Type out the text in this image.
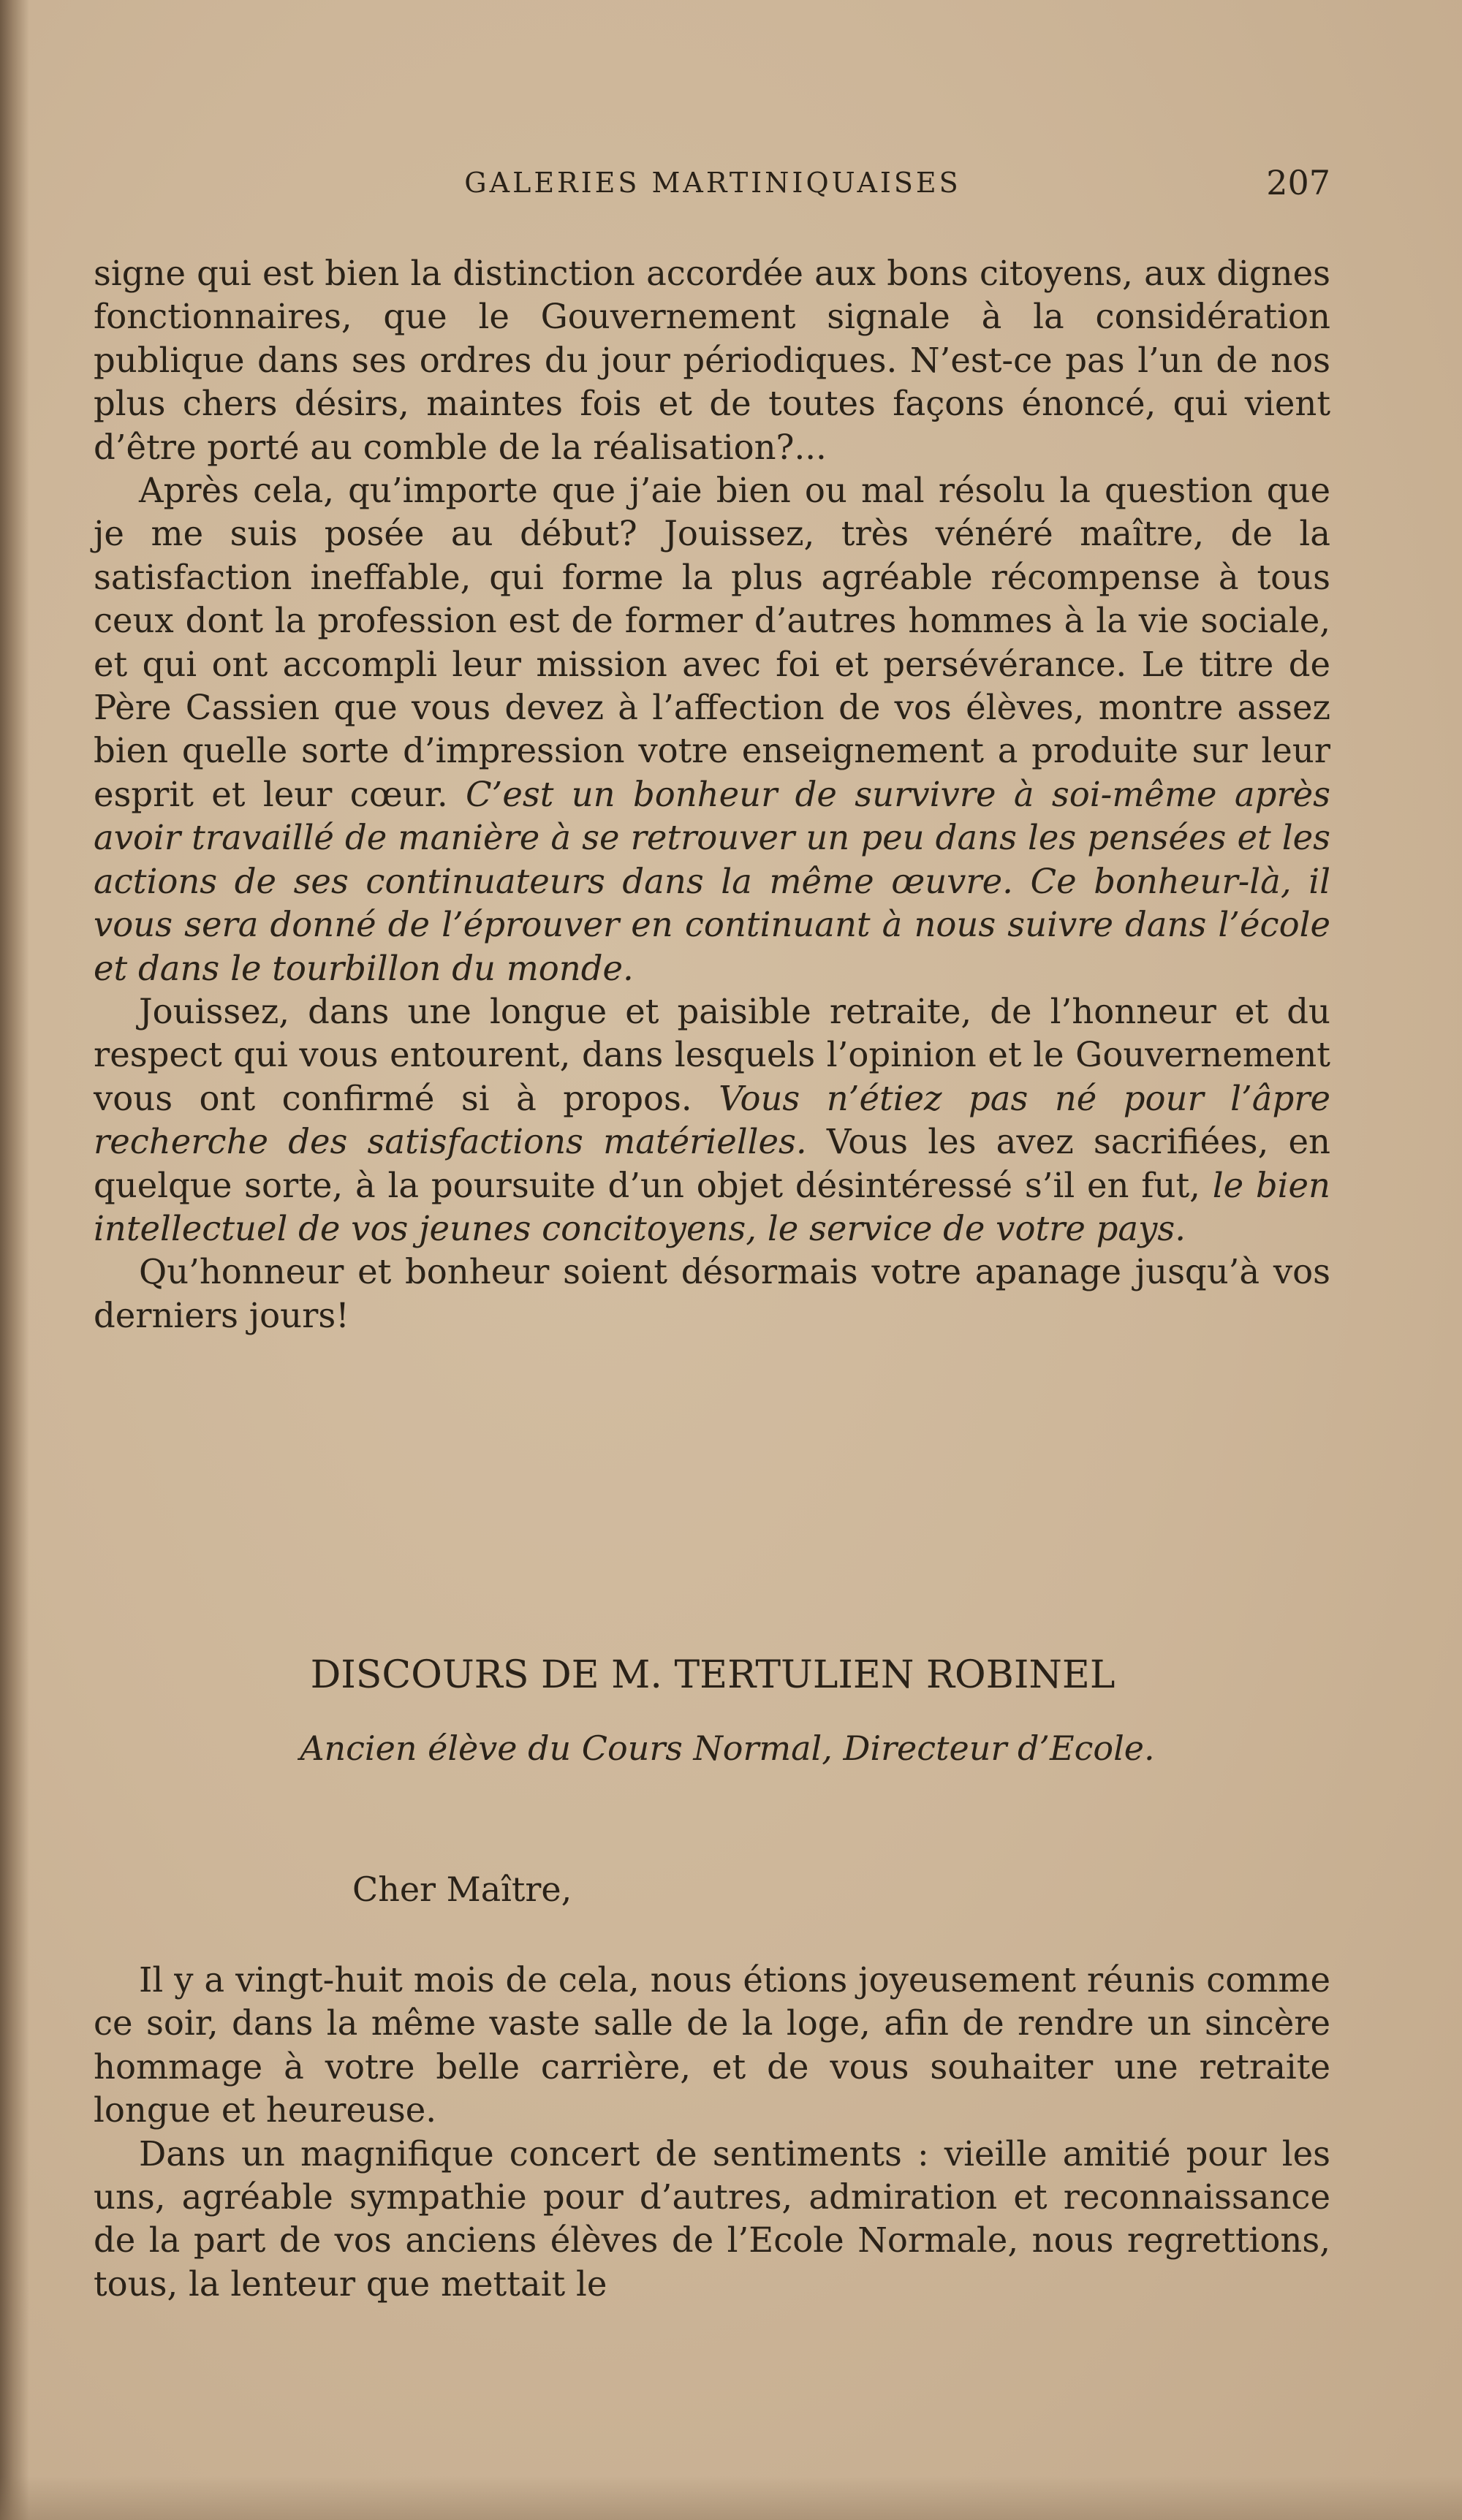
GALERIES MARTINIQUAISES	207

signe qui est bien la distinction accordée aux bons citoyens, aux dignes fonctionnaires, que le Gouvernement signale à la considération publique dans ses ordres du jour périodiques. N’est-ce pas l’un de nos plus chers désirs, maintes fois et de toutes façons énoncé, qui vient d’être porté au comble de la réalisation?...

Après cela, qu’importe que j’aie bien ou mal résolu la question que je me suis posée au début? Jouissez, très vénéré maître, de la satisfaction ineffable, qui forme la plus agréable récompense à tous ceux dont la profession est de former d’autres hommes à la vie sociale, et qui ont accompli leur mission avec foi et persévérance. Le titre de Père Cassien que vous devez à l’affection de vos élèves, montre assez bien quelle sorte d’impression votre enseignement a produite sur leur esprit et leur cœur. C’est un bonheur de survivre à soi-même après avoir travaillé de manière à se retrouver un peu dans les pensées et les actions de ses continuateurs dans la même œuvre. Ce bonheur-là, il vous sera donné de l’éprouver en continuant à nous suivre dans l’école et dans le tourbillon du monde.

Jouissez, dans une longue et paisible retraite, de l’honneur et du respect qui vous entourent, dans lesquels l’opinion et le Gouvernement vous ont confirmé si à propos. Vous n’étiez pas né pour l’âpre recherche des satisfactions matérielles. Vous les avez sacrifiées, en quelque sorte, à la poursuite d’un objet désintéressé s’il en fut, le bien intellectuel de vos jeunes concitoyens, le service de votre pays.

Qu’honneur et bonheur soient désormais votre apanage jusqu’à vos derniers jours!

DISCOURS DE M. TERTULIEN ROBINEL
Ancien élève du Cours Normal, Directeur d’Ecole.
Cher Maître,

Il y a vingt-huit mois de cela, nous étions joyeusement réunis comme ce soir, dans la même vaste salle de la loge, afin de rendre un sincère hommage à votre belle carrière, et de vous souhaiter une retraite longue et heureuse.

Dans un magnifique concert de sentiments : vieille amitié pour les uns, agréable sympathie pour d’autres, admiration et reconnaissance de la part de vos anciens élèves de l’Ecole Normale, nous regrettions, tous, la lenteur que mettait le
